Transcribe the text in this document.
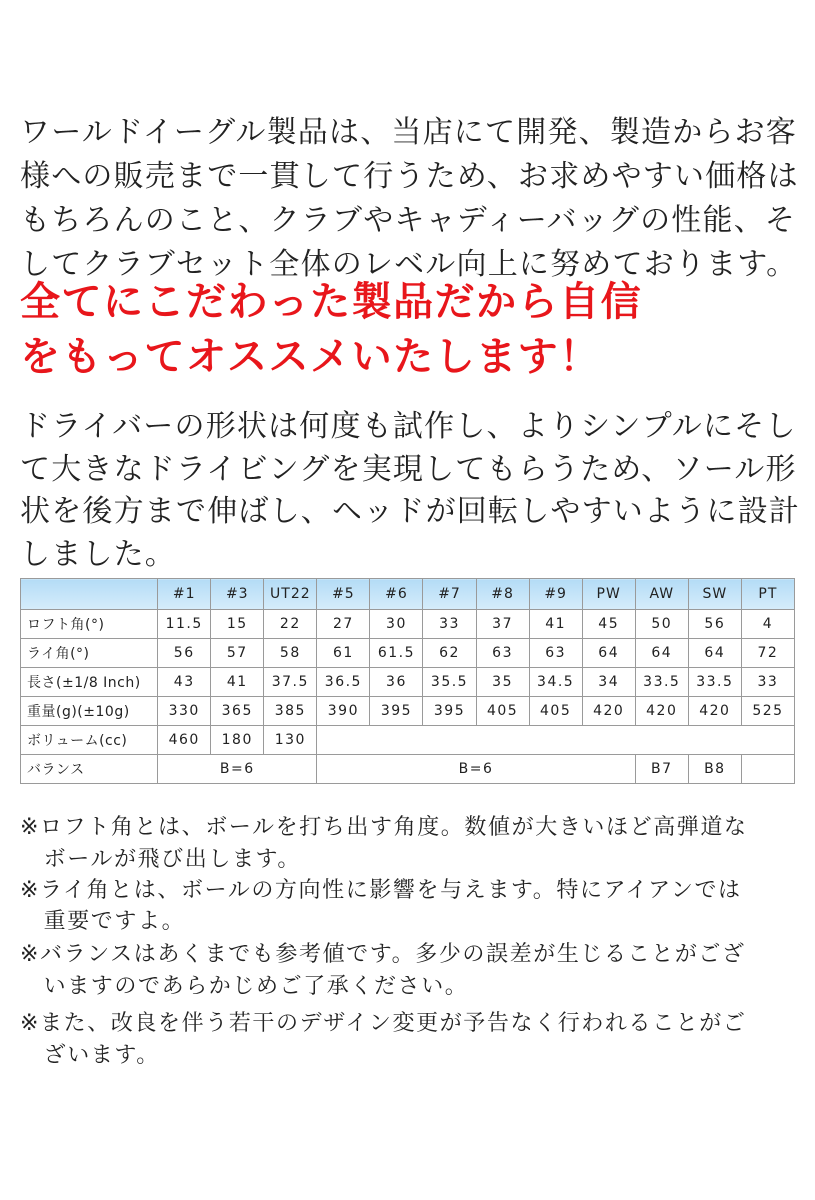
ワールドイーグル製品は、当店にて開発、製造からお客
様への販売まで一貫して行うため、お求めやすい価格は
もちろんのこと、クラブやキャディーバッグの性能、そ
してクラブセット全体のレベル向上に努めております。
全てにこだわった製品だから自信
をもってオススメいたします！
ドライバーの形状は何度も試作し、よりシンプルにそし
て大きなドライビングを実現してもらうため、ソール形
状を後方まで伸ばし、ヘッドが回転しやすいように設計
しました。
	#1	#3	UT22	#5	#6	#7	#8	#9	PW	AW	SW	PT
ロフト角(°)	11.5	15	22	27	30	33	37	41	45	50	56	4
ライ角(°)	56	57	58	61	61.5	62	63	63	64	64	64	72
長さ(±1/8 Inch)	43	41	37.5	36.5	36	35.5	35	34.5	34	33.5	33.5	33
重量(g)(±10g)	330	365	385	390	395	395	405	405	420	420	420	525
ボリューム(cc)	460	180	130									
バランス	B=6			B=6						B7	B8	
※ロフト角とは、ボールを打ち出す角度。数値が大きいほど高弾道な
　ボールが飛び出します。
※ライ角とは、ボールの方向性に影響を与えます。特にアイアンでは
　重要ですよ。
※バランスはあくまでも参考値です。多少の誤差が生じることがござ
　いますのであらかじめご了承ください。
※また、改良を伴う若干のデザイン変更が予告なく行われることがご
　ざいます。
